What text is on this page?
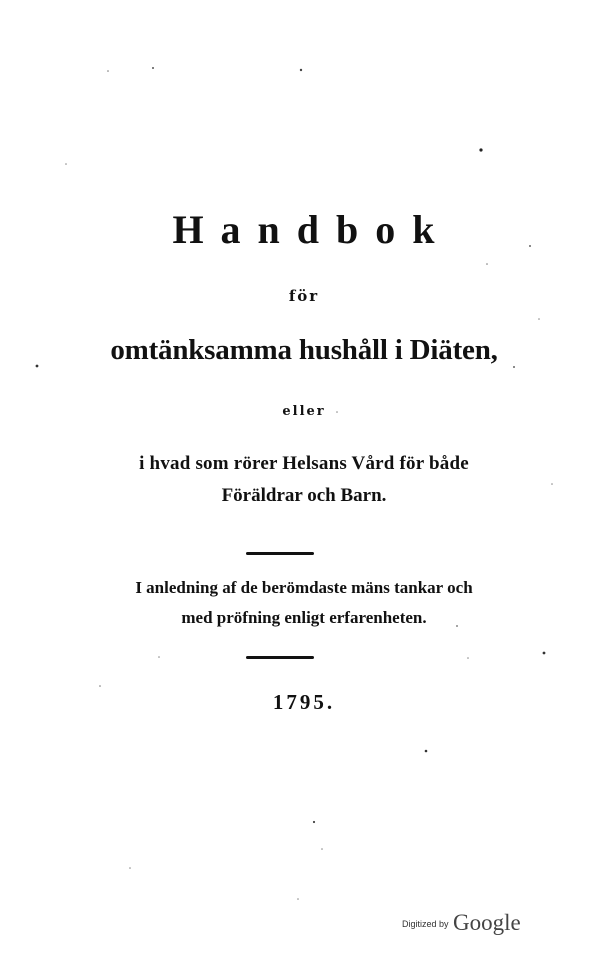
Handbok
för
omtänksamma hushåll i Diäten,
eller
i hvad som rörer Helsans Vård för både
Föräldrar och Barn.
I anledning af de berömdaste mäns tankar och
med pröfning enligt erfarenheten.
1795.
Digitized by Google
